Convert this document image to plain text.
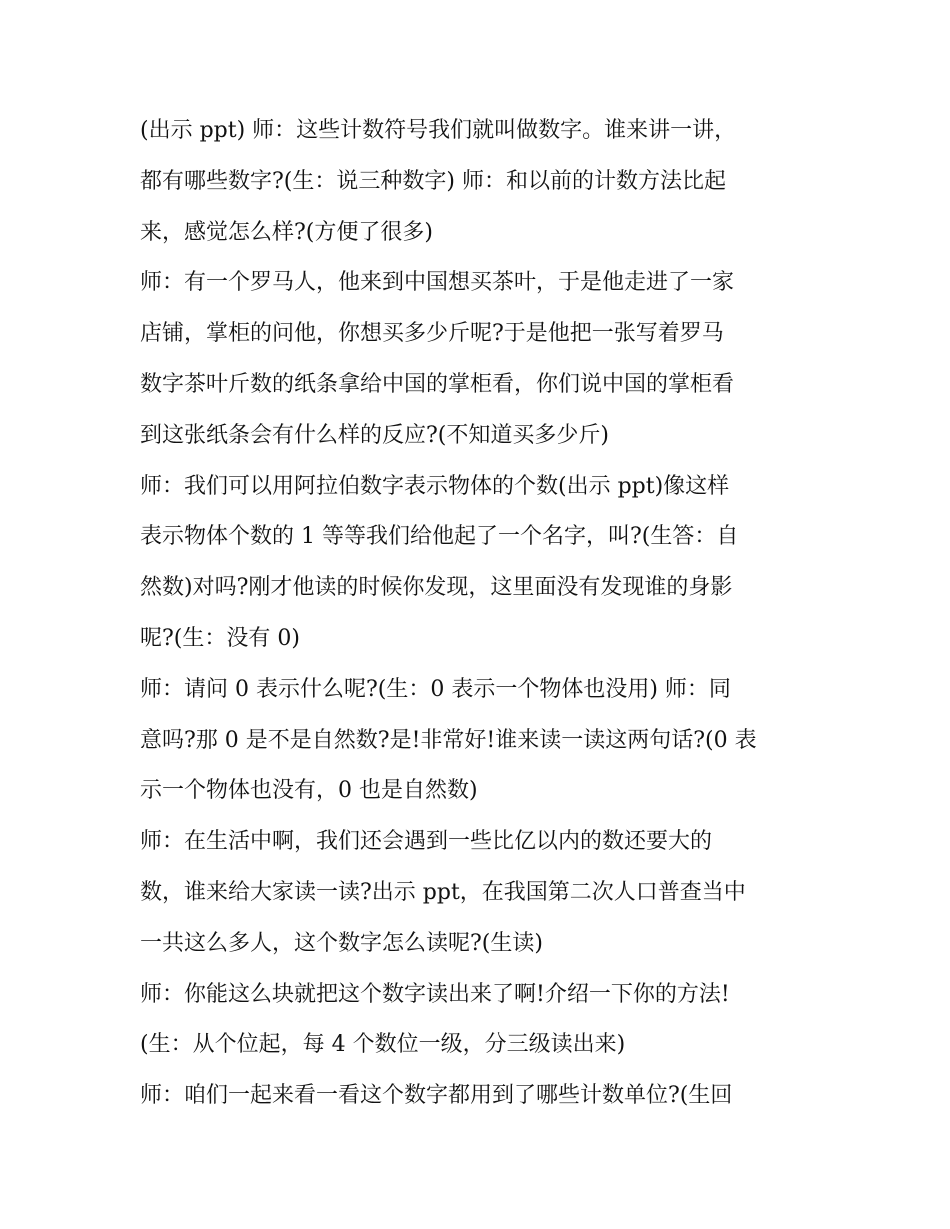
(出示 ppt) 师：这些计数符号我们就叫做数字。谁来讲一讲，
都有哪些数字?(生：说三种数字) 师：和以前的计数方法比起
来，感觉怎么样?(方便了很多)
师：有一个罗马人，他来到中国想买茶叶，于是他走进了一家
店铺，掌柜的问他，你想买多少斤呢?于是他把一张写着罗马
数字茶叶斤数的纸条拿给中国的掌柜看，你们说中国的掌柜看
到这张纸条会有什么样的反应?(不知道买多少斤)
师：我们可以用阿拉伯数字表示物体的个数(出示 ppt)像这样
表示物体个数的 1 等等我们给他起了一个名字，叫?(生答：自
然数)对吗?刚才他读的时候你发现，这里面没有发现谁的身影
呢?(生：没有 0)
师：请问 0 表示什么呢?(生：0 表示一个物体也没用) 师：同
意吗?那 0 是不是自然数?是!非常好!谁来读一读这两句话?(0 表
示一个物体也没有，0 也是自然数)
师：在生活中啊，我们还会遇到一些比亿以内的数还要大的
数，谁来给大家读一读?出示 ppt，在我国第二次人口普查当中
一共这么多人，这个数字怎么读呢?(生读)
师：你能这么块就把这个数字读出来了啊!介绍一下你的方法!
(生：从个位起，每 4 个数位一级，分三级读出来)
师：咱们一起来看一看这个数字都用到了哪些计数单位?(生回
